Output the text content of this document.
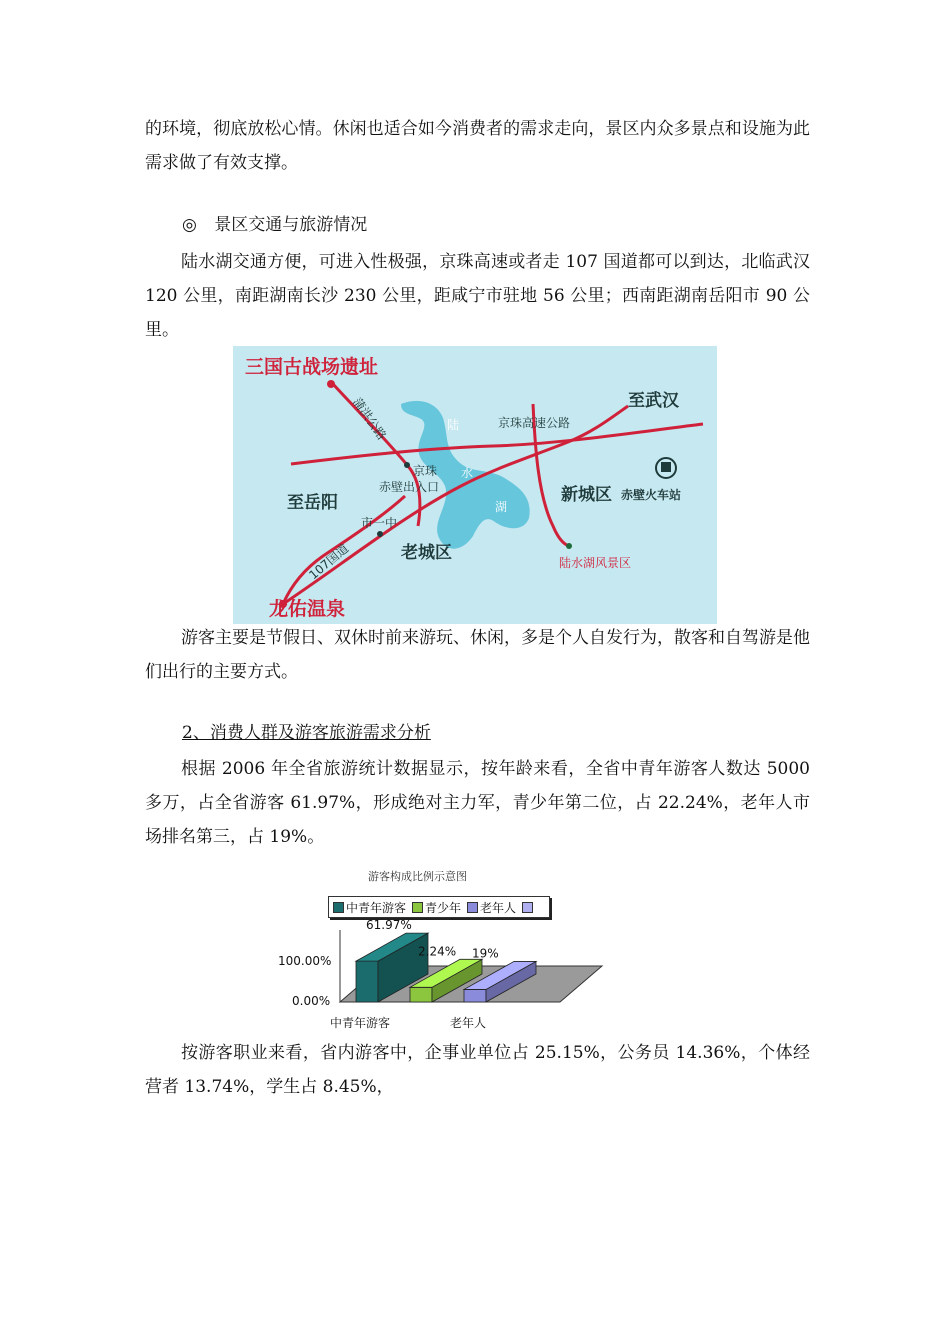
的环境，彻底放松心情。休闲也适合如今消费者的需求走向，景区内众多景点和设施为此需求做了有效支撑。

◎ 景区交通与旅游情况

陆水湖交通方便，可进入性极强，京珠高速或者走 107 国道都可以到达，北临武汉 120 公里，南距湖南长沙 230 公里，距咸宁市驻地 56 公里；西南距湖南岳阳市 90 公里。

三国古战场遗址
蒲洪公路	陆
水
湖
京珠高速公路
至武汉
京珠
赤壁出入口
至岳阳
市一中
107国道	老城区
新城区 赤壁火车站
陆水湖风景区
龙佑温泉

游客主要是节假日、双休时前来游玩、休闲，多是个人自发行为，散客和自驾游是他们出行的主要方式。

2、消费人群及游客旅游需求分析

根据 2006 年全省旅游统计数据显示，按年龄来看，全省中青年游客人数达 5000 多万，占全省游客 61.97%，形成绝对主力军，青少年第二位，占 22.24%，老年人市场排名第三，占 19%。

游客构成比例示意图
中青年游客 青少年 老年人
61.97%
2.24% 19%
100.00%
0.00%
中青年游客	老年人

按游客职业来看，省内游客中，企事业单位占 25.15%，公务员 14.36%，个体经营者 13.74%，学生占 8.45%，
